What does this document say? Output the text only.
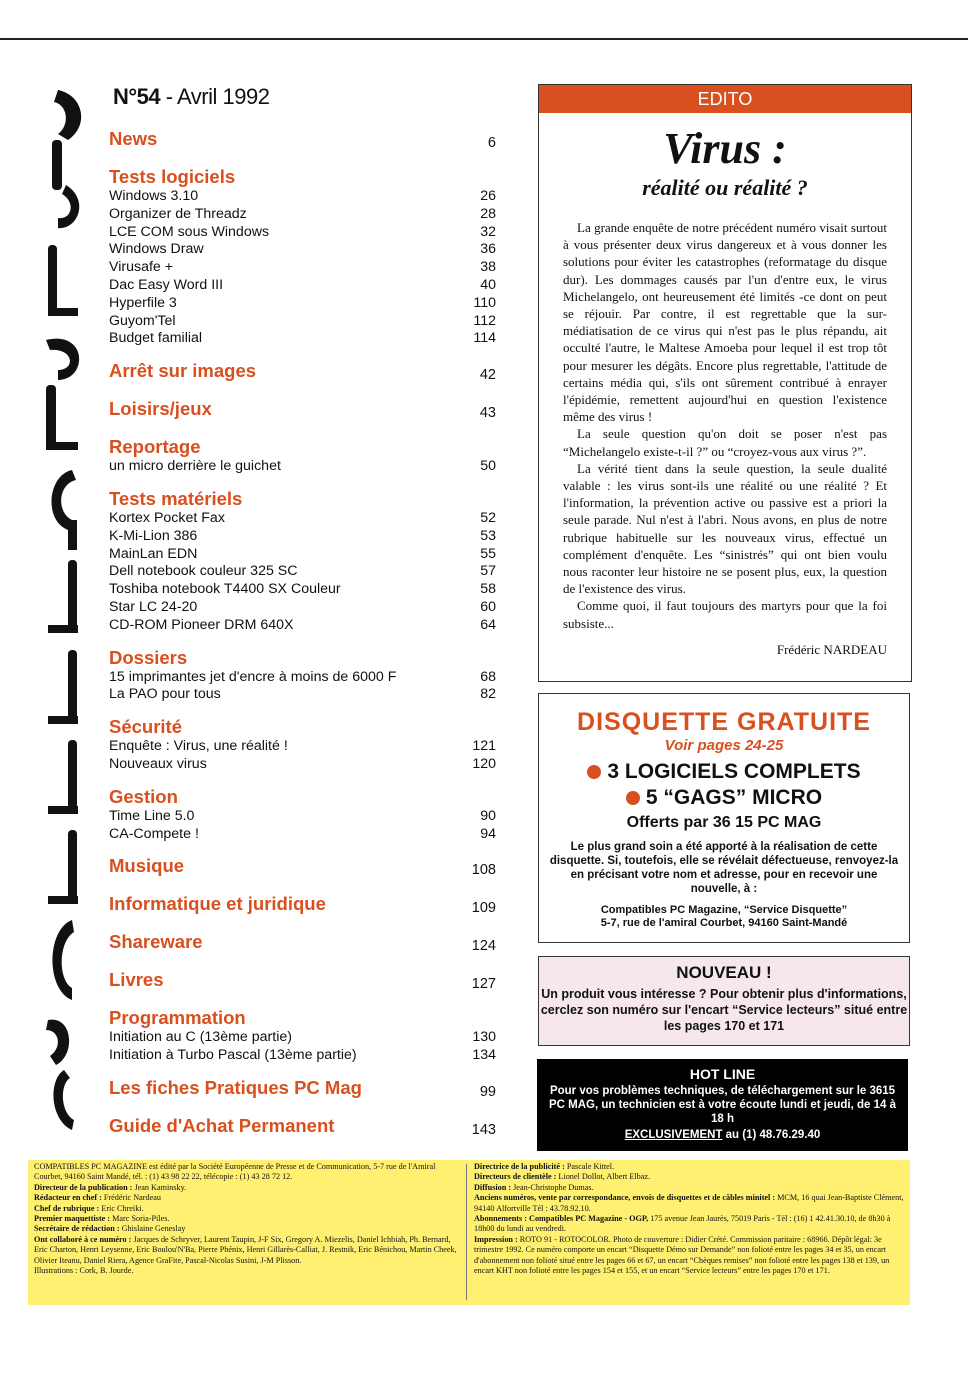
N°54 - Avril 1992
News	6
Tests logiciels
Windows 3.10	26
Organizer de Threadz	28
LCE COM sous Windows	32
Windows Draw	36
Virusafe +	38
Dac Easy Word III	40
Hyperfile 3	110
Guyom'Tel	112
Budget familial	114
Arrêt sur images	42
Loisirs/jeux	43
Reportage
un micro derrière le guichet	50
Tests matériels
Kortex Pocket Fax	52
K-Mi-Lion 386	53
MainLan EDN	55
Dell notebook couleur 325 SC	57
Toshiba notebook T4400 SX Couleur	58
Star LC 24-20	60
CD-ROM Pioneer DRM 640X	64
Dossiers
15 imprimantes jet d'encre à moins de 6000 F	68
La PAO pour tous	82
Sécurité
Enquête : Virus, une réalité !	121
Nouveaux virus	120
Gestion
Time Line 5.0	90
CA-Compete !	94
Musique	108
Informatique et juridique	109
Shareware	124
Livres	127
Programmation
Initiation au C (13ème partie)	130
Initiation à Turbo Pascal (13ème partie)	134
Les fiches Pratiques PC Mag	99
Guide d'Achat Permanent	143
EDITO
Virus :
réalité ou réalité ?

La grande enquête de notre précédent numéro visait surtout à vous présenter deux virus dangereux et à vous donner les solutions pour éviter les catastrophes (reformatage du disque dur). Les dommages causés par l'un d'entre eux, le virus Michelangelo, ont heureusement été limités -ce dont on peut se réjouir. Par contre, il est regrettable que la sur-médiatisation de ce virus qui n'est pas le plus répandu, ait occulté l'autre, le Maltese Amoeba pour lequel il est trop tôt pour mesurer les dégâts. Encore plus regrettable, l'attitude de certains média qui, s'ils ont sûrement contribué à enrayer l'épidémie, remettent aujourd'hui en question l'existence même des virus !

La seule question qu'on doit se poser n'est pas “Michelangelo existe-t-il ?” ou “croyez-vous aux virus ?”.

La vérité tient dans la seule question, la seule dualité valable : les virus sont-ils une réalité ou une réalité ? Et l'information, la prévention active ou passive est a priori la seule parade. Nul n'est à l'abri. Nous avons, en plus de notre rubrique habituelle sur les nouveaux virus, effectué un complément d'enquête. Les “sinistrés” qui ont bien voulu nous raconter leur histoire ne se posent plus, eux, la question de l'existence des virus.

Comme quoi, il faut toujours des martyrs pour que la foi subsiste...

Frédéric NARDEAU
DISQUETTE GRATUITE
Voir pages 24-25
3 LOGICIELS COMPLETS
5 “GAGS” MICRO
Offerts par 36 15 PC MAG
Le plus grand soin a été apporté à la réalisation de cette disquette. Si, toutefois, elle se révélait défectueuse, renvoyez-la en précisant votre nom et adresse, pour en recevoir une nouvelle, à :
Compatibles PC Magazine, “Service Disquette”
5-7, rue de l'amiral Courbet, 94160 Saint-Mandé
NOUVEAU !
Un produit vous intéresse ? Pour obtenir plus d'informations, cerclez son numéro sur l'encart “Service lecteurs” situé entre les pages 170 et 171
HOT LINE
Pour vos problèmes techniques, de téléchargement sur le 3615 PC MAG, un technicien est à votre écoute lundi et jeudi, de 14 à 18 h
EXCLUSIVEMENT au (1) 48.76.29.40
COMPATIBLES PC MAGAZINE est édité par la Société Européenne de Presse et de Communication, 5-7 rue de l'Amiral Courbet, 94160 Saint Mandé, tél. : (1) 43 98 22 22, télécopie : (1) 43 28 72 12.
Directeur de la publication : Jean Kaminsky.
Rédacteur en chef : Frédéric Nardeau
Chef de rubrique : Eric Chreiki.
Premier maquettiste : Marc Soria-Piles.
Secrétaire de rédaction : Ghislaine Geneslay
Ont collaboré à ce numéro : Jacques de Schryver, Laurent Taupin, J-F Six, Gregory A. Miezelis, Daniel Ichbiah, Ph. Bernard, Eric Charton, Henri Leysenne, Eric Boulou'N'Ba, Pierre Phénix, Henri Gillarès-Calliat, J. Restnik, Eric Bénichou, Martin Cheek, Olivier Iteanu, Daniel Riera, Agence GraFite, Pascal-Nicolas Susini, J-M Plisson.
Illustrations : Cork, B. Jourde.
Directrice de la publicité : Pascale Kittel.
Directeurs de clientèle : Lionel Dollot, Albert Elbaz.
Diffusion : Jean-Christophe Dumas.
Anciens numéros, vente par correspondance, envois de disquettes et de câbles minitel : MCM, 16 quai Jean-Baptiste Clément, 94140 Alfortville Tél : 43.78.92.10.
Abonnements : Compatibles PC Magazine - OGP, 175 avenue Jean Jaurès, 75019 Paris - Tél : (16) 1 42.41.30.10, de 8h30 à 18h00 du lundi au vendredi.
Impression : ROTO 91 - ROTOCOLOR. Photo de couverture : Didier Crété. Commission paritaire : 68966. Dépôt légal: 3e trimestre 1992. Ce numéro comporte un encart “Disquette Démo sur Demande” non folioté entre les pages 34 et 35, un encart d'abonnement non folioté situé entre les pages 66 et 67, un encart “Chèques remises” non folioté entre les pages 138 et 139, un encart KHT non folioté entre les pages 154 et 155, et un encart “Service lecteurs” entre les pages 170 et 171.
